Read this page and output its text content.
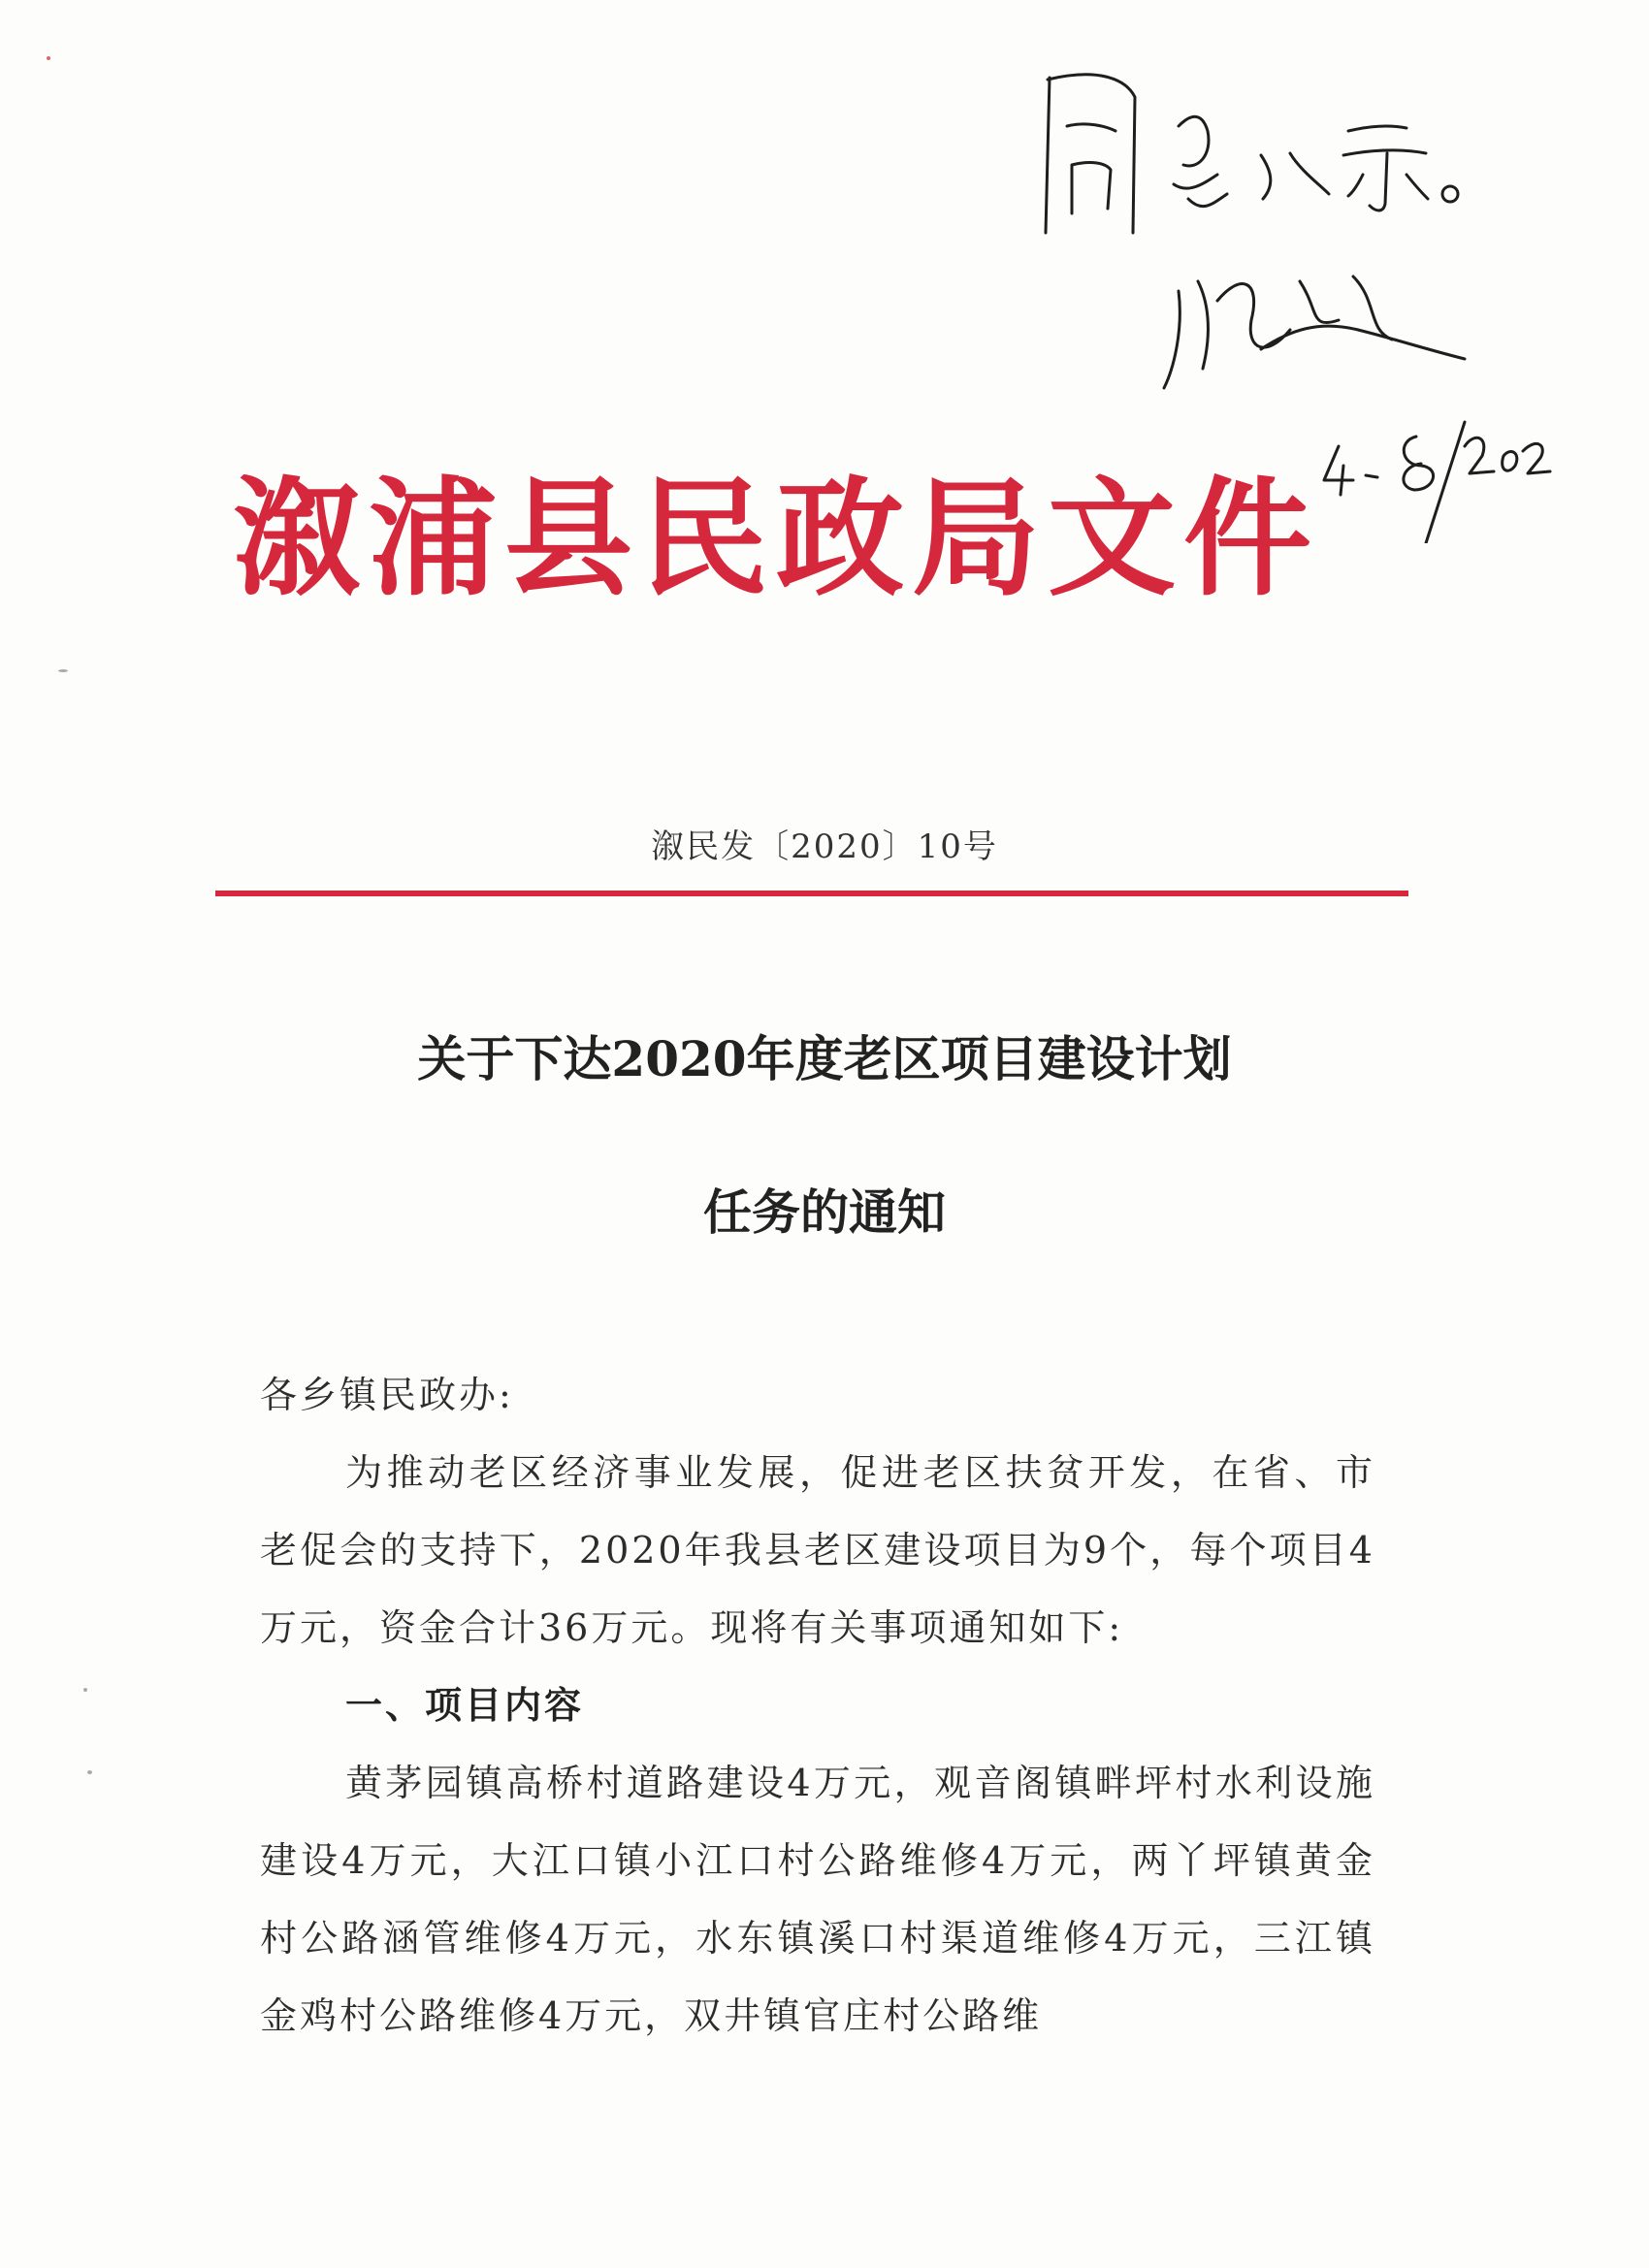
溆浦县民政局文件
溆民发〔2020〕10号
关于下达2020年度老区项目建设计划
任务的通知
各乡镇民政办:
为推动老区经济事业发展，促进老区扶贫开发，在省、市老促会的支持下，2020年我县老区建设项目为9个，每个项目4万元，资金合计36万元。现将有关事项通知如下:
一、项目内容
黄茅园镇高桥村道路建设4万元，观音阁镇畔坪村水利设施建设4万元，大江口镇小江口村公路维修4万元，两丫坪镇黄金村公路涵管维修4万元，水东镇溪口村渠道维修4万元，三江镇金鸡村公路维修4万元，双井镇官庄村公路维
